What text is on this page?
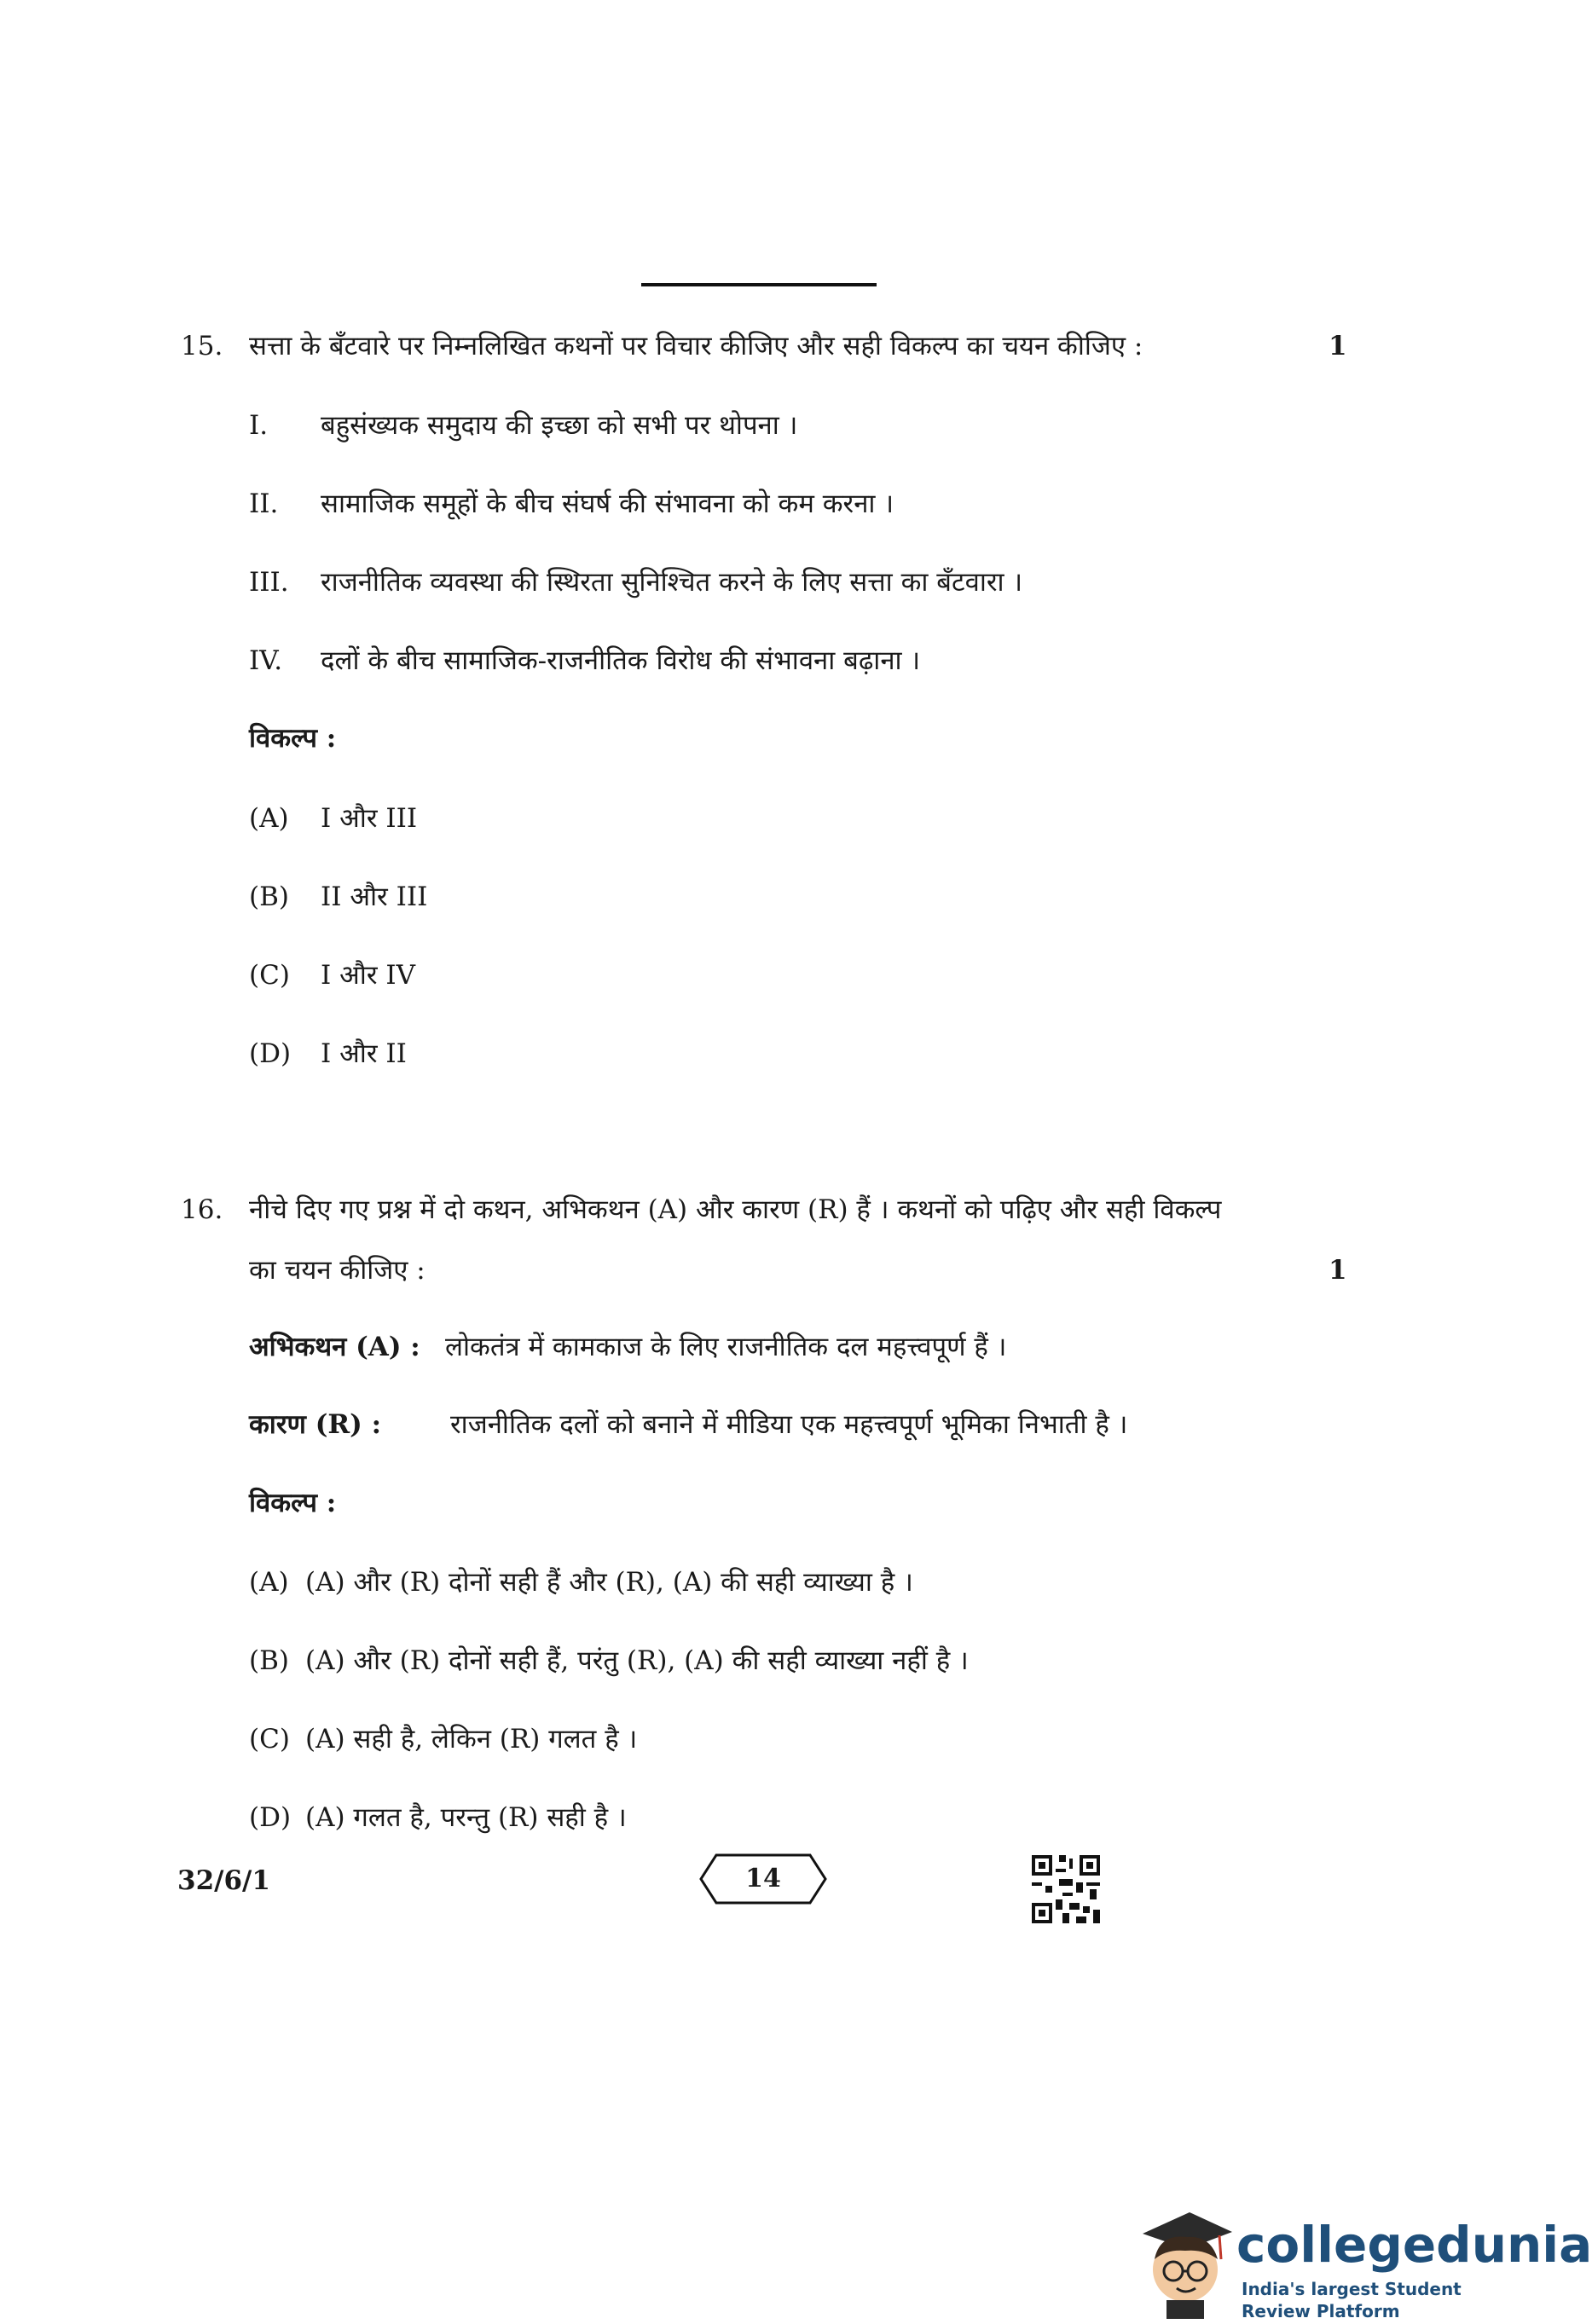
15. सत्ता के बँटवारे पर निम्नलिखित कथनों पर विचार कीजिए और सही विकल्प का चयन कीजिए :	1
I. बहुसंख्यक समुदाय की इच्छा को सभी पर थोपना ।
II. सामाजिक समूहों के बीच संघर्ष की संभावना को कम करना ।
III. राजनीतिक व्यवस्था की स्थिरता सुनिश्चित करने के लिए सत्ता का बँटवारा ।
IV. दलों के बीच सामाजिक-राजनीतिक विरोध की संभावना बढ़ाना ।
विकल्प :
(A) I और III
(B) II और III
(C) I और IV
(D) I और II
16. नीचे दिए गए प्रश्न में दो कथन, अभिकथन (A) और कारण (R) हैं । कथनों को पढ़िए और सही विकल्प
का चयन कीजिए :	1
अभिकथन (A) : लोकतंत्र में कामकाज के लिए राजनीतिक दल महत्त्वपूर्ण हैं ।
कारण (R) :	राजनीतिक दलों को बनाने में मीडिया एक महत्त्वपूर्ण भूमिका निभाती है ।
विकल्प :
(A) (A) और (R) दोनों सही हैं और (R), (A) की सही व्याख्या है ।
(B) (A) और (R) दोनों सही हैं, परंतु (R), (A) की सही व्याख्या नहीं है ।
(C) (A) सही है, लेकिन (R) गलत है ।
(D) (A) गलत है, परन्तु (R) सही है ।
32/6/1	14
collegedunia
India's largest Student Review Platform
